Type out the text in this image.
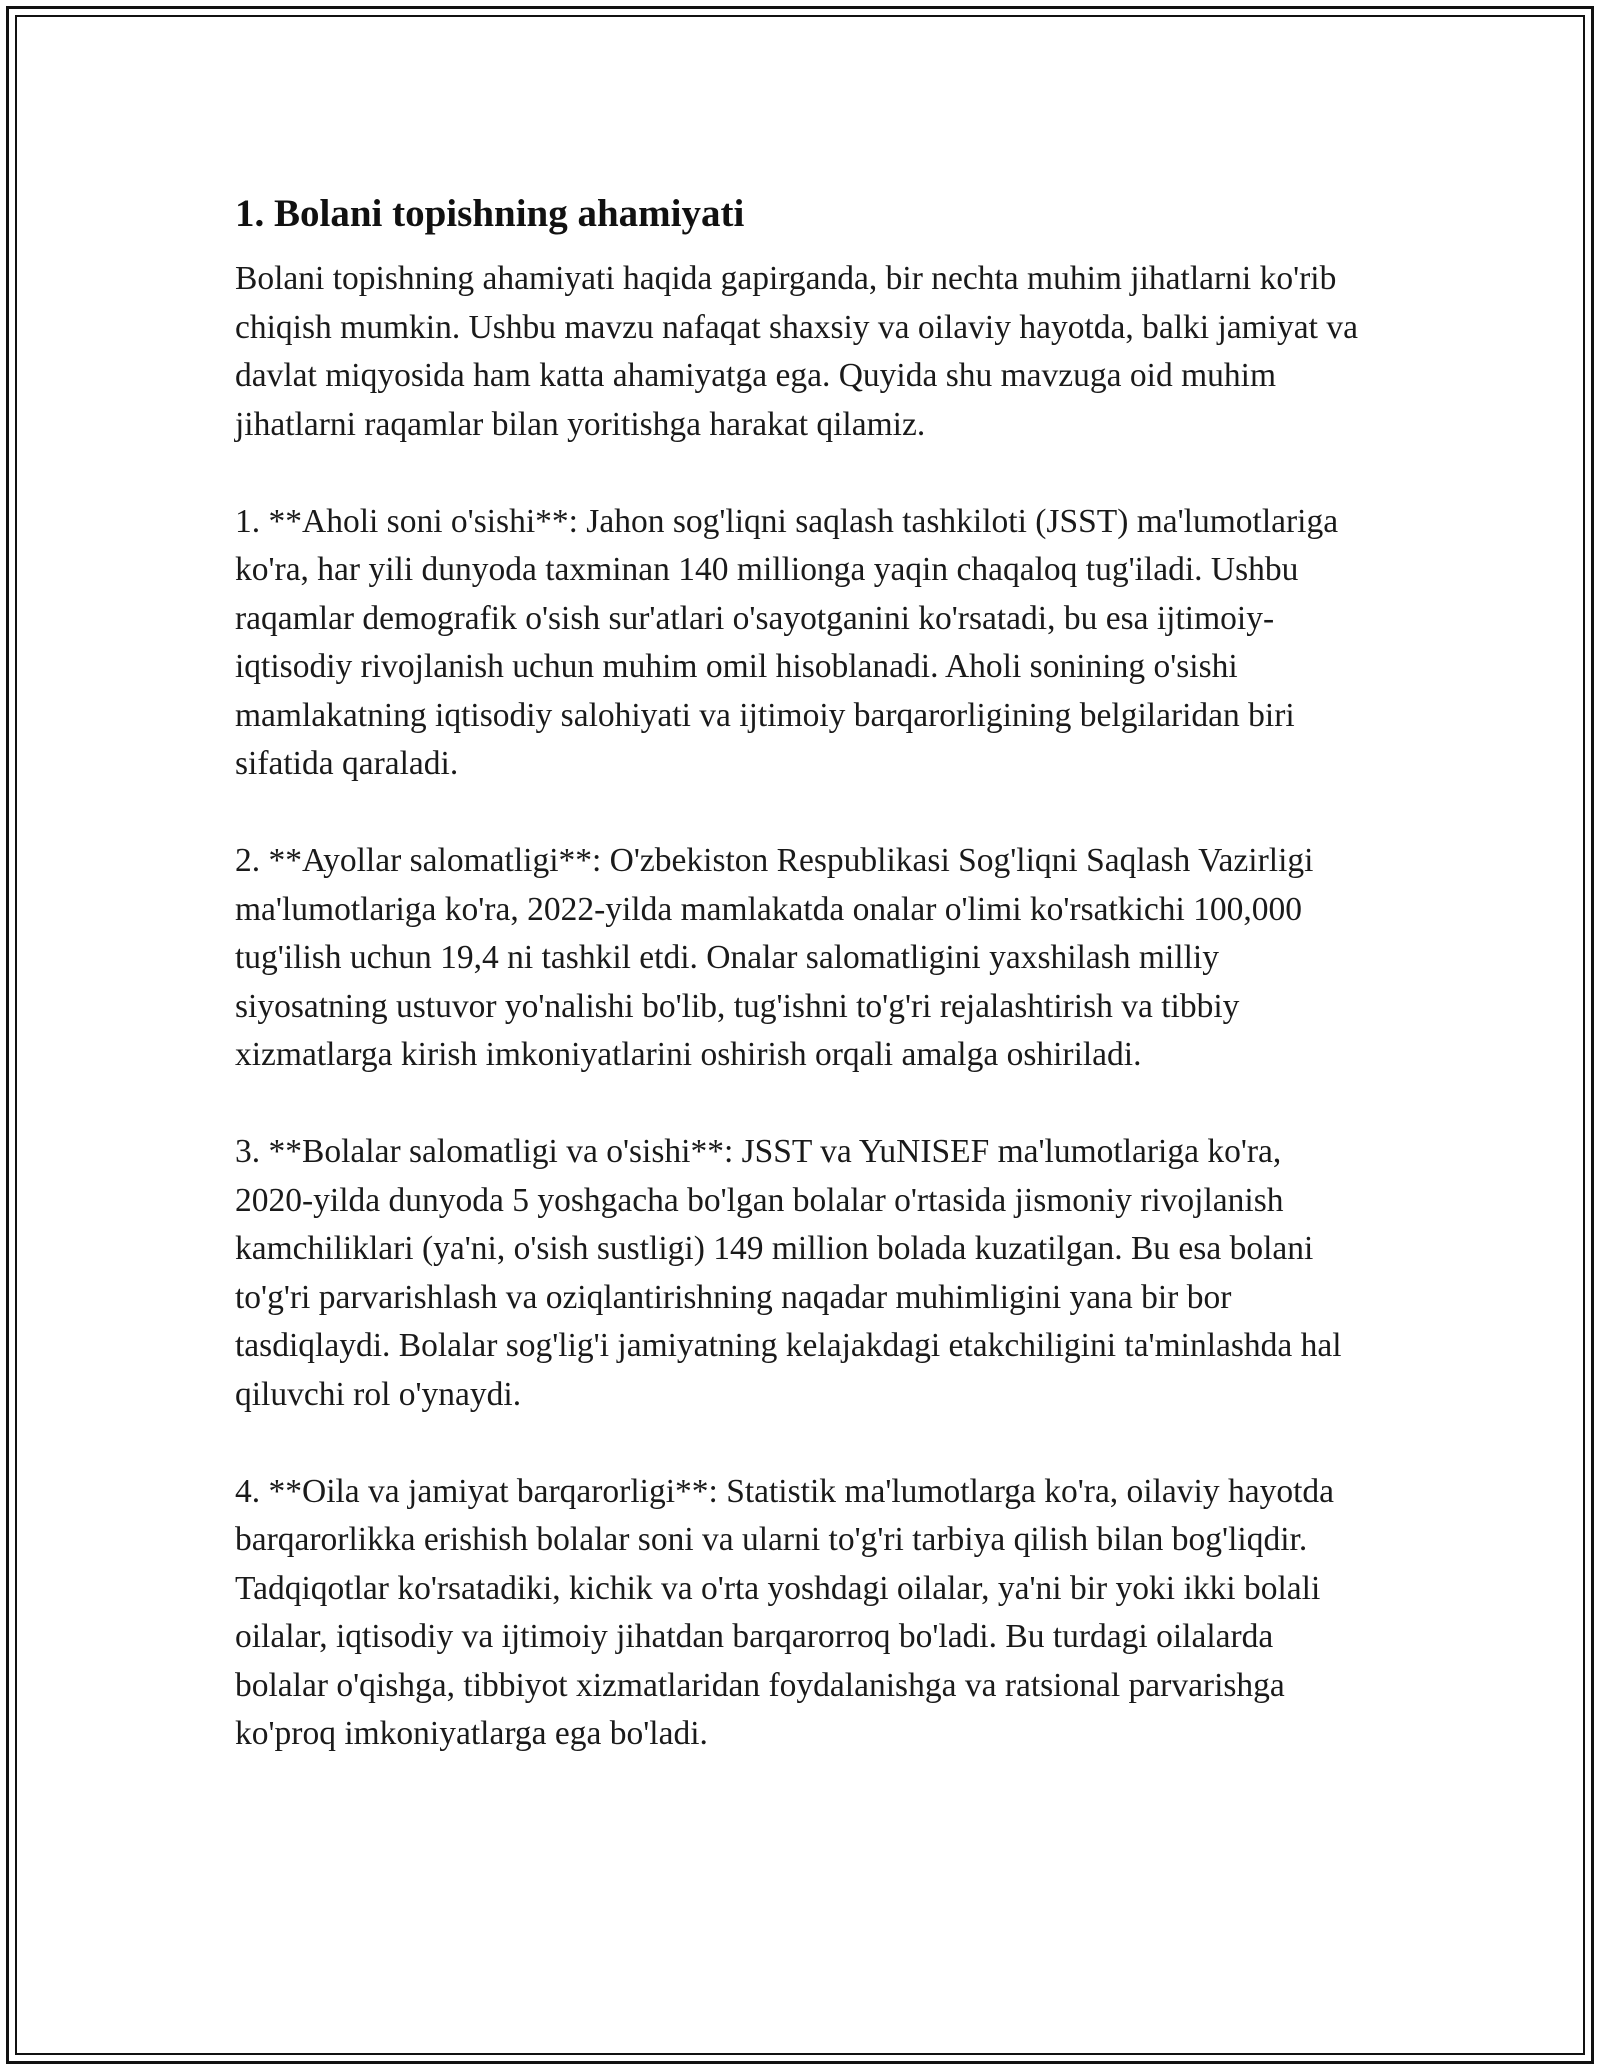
1. Bolani topishning ahamiyati

Bolani topishning ahamiyati haqida gapirganda, bir nechta muhim jihatlarni ko'rib chiqish mumkin. Ushbu mavzu nafaqat shaxsiy va oilaviy hayotda, balki jamiyat va davlat miqyosida ham katta ahamiyatga ega. Quyida shu mavzuga oid muhim jihatlarni raqamlar bilan yoritishga harakat qilamiz.

1. **Aholi soni o'sishi**: Jahon sog'liqni saqlash tashkiloti (JSST) ma'lumotlariga ko'ra, har yili dunyoda taxminan 140 millionga yaqin chaqaloq tug'iladi. Ushbu raqamlar demografik o'sish sur'atlari o'sayotganini ko'rsatadi, bu esa ijtimoiy-iqtisodiy rivojlanish uchun muhim omil hisoblanadi. Aholi sonining o'sishi mamlakatning iqtisodiy salohiyati va ijtimoiy barqarorligining belgilaridan biri sifatida qaraladi.

2. **Ayollar salomatligi**: O'zbekiston Respublikasi Sog'liqni Saqlash Vazirligi ma'lumotlariga ko'ra, 2022-yilda mamlakatda onalar o'limi ko'rsatkichi 100,000 tug'ilish uchun 19,4 ni tashkil etdi. Onalar salomatligini yaxshilash milliy siyosatning ustuvor yo'nalishi bo'lib, tug'ishni to'g'ri rejalashtirish va tibbiy xizmatlarga kirish imkoniyatlarini oshirish orqali amalga oshiriladi.

3. **Bolalar salomatligi va o'sishi**: JSST va YuNISEF ma'lumotlariga ko'ra, 2020-yilda dunyoda 5 yoshgacha bo'lgan bolalar o'rtasida jismoniy rivojlanish kamchiliklari (ya'ni, o'sish sustligi) 149 million bolada kuzatilgan. Bu esa bolani to'g'ri parvarishlash va oziqlantirishning naqadar muhimligini yana bir bor tasdiqlaydi. Bolalar sog'lig'i jamiyatning kelajakdagi etakchiligini ta'minlashda hal qiluvchi rol o'ynaydi.

4. **Oila va jamiyat barqarorligi**: Statistik ma'lumotlarga ko'ra, oilaviy hayotda barqarorlikka erishish bolalar soni va ularni to'g'ri tarbiya qilish bilan bog'liqdir. Tadqiqotlar ko'rsatadiki, kichik va o'rta yoshdagi oilalar, ya'ni bir yoki ikki bolali oilalar, iqtisodiy va ijtimoiy jihatdan barqarorroq bo'ladi. Bu turdagi oilalarda bolalar o'qishga, tibbiyot xizmatlaridan foydalanishga va ratsional parvarishga ko'proq imkoniyatlarga ega bo'ladi.
